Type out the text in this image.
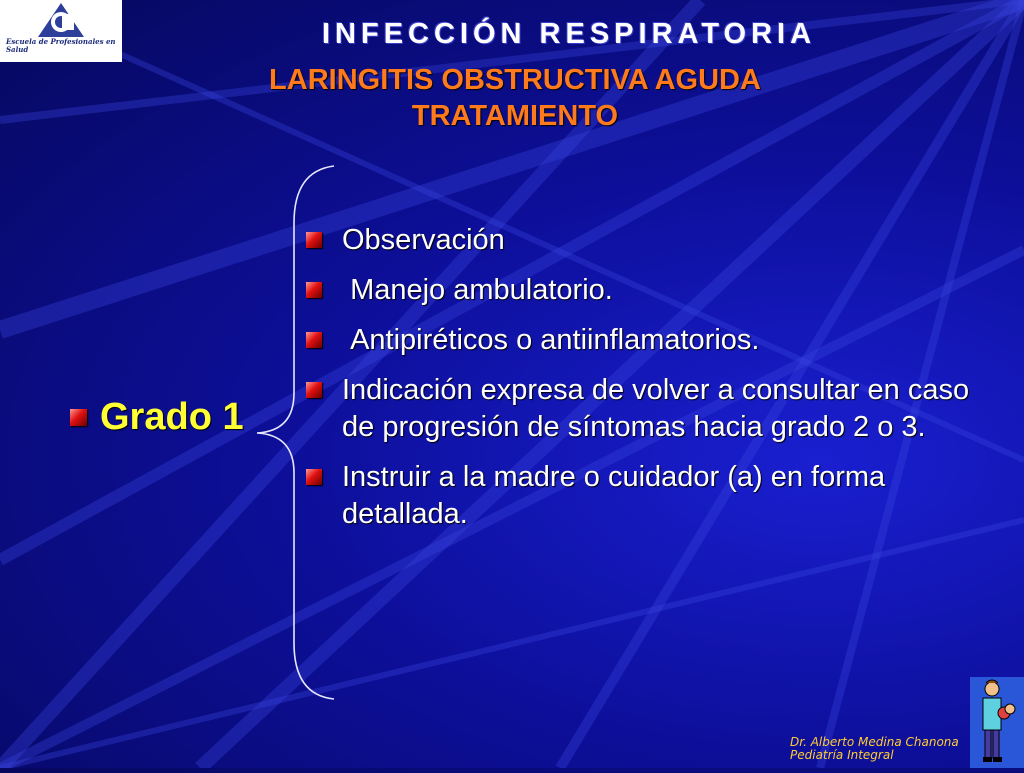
Escuela de Profesionales en Salud	INFECCIÓN RESPIRATORIA
LARINGITIS OBSTRUCTIVA AGUDA
TRATAMIENTO
Grado 1
Observación
Manejo ambulatorio.
Antipiréticos o antiinflamatorios.
Indicación expresa de volver a consultar en caso de progresión de síntomas hacia grado 2 o 3.
Instruir a la madre o cuidador (a) en forma detallada.
Dr. Alberto Medina Chanona
Pediatría Integral
